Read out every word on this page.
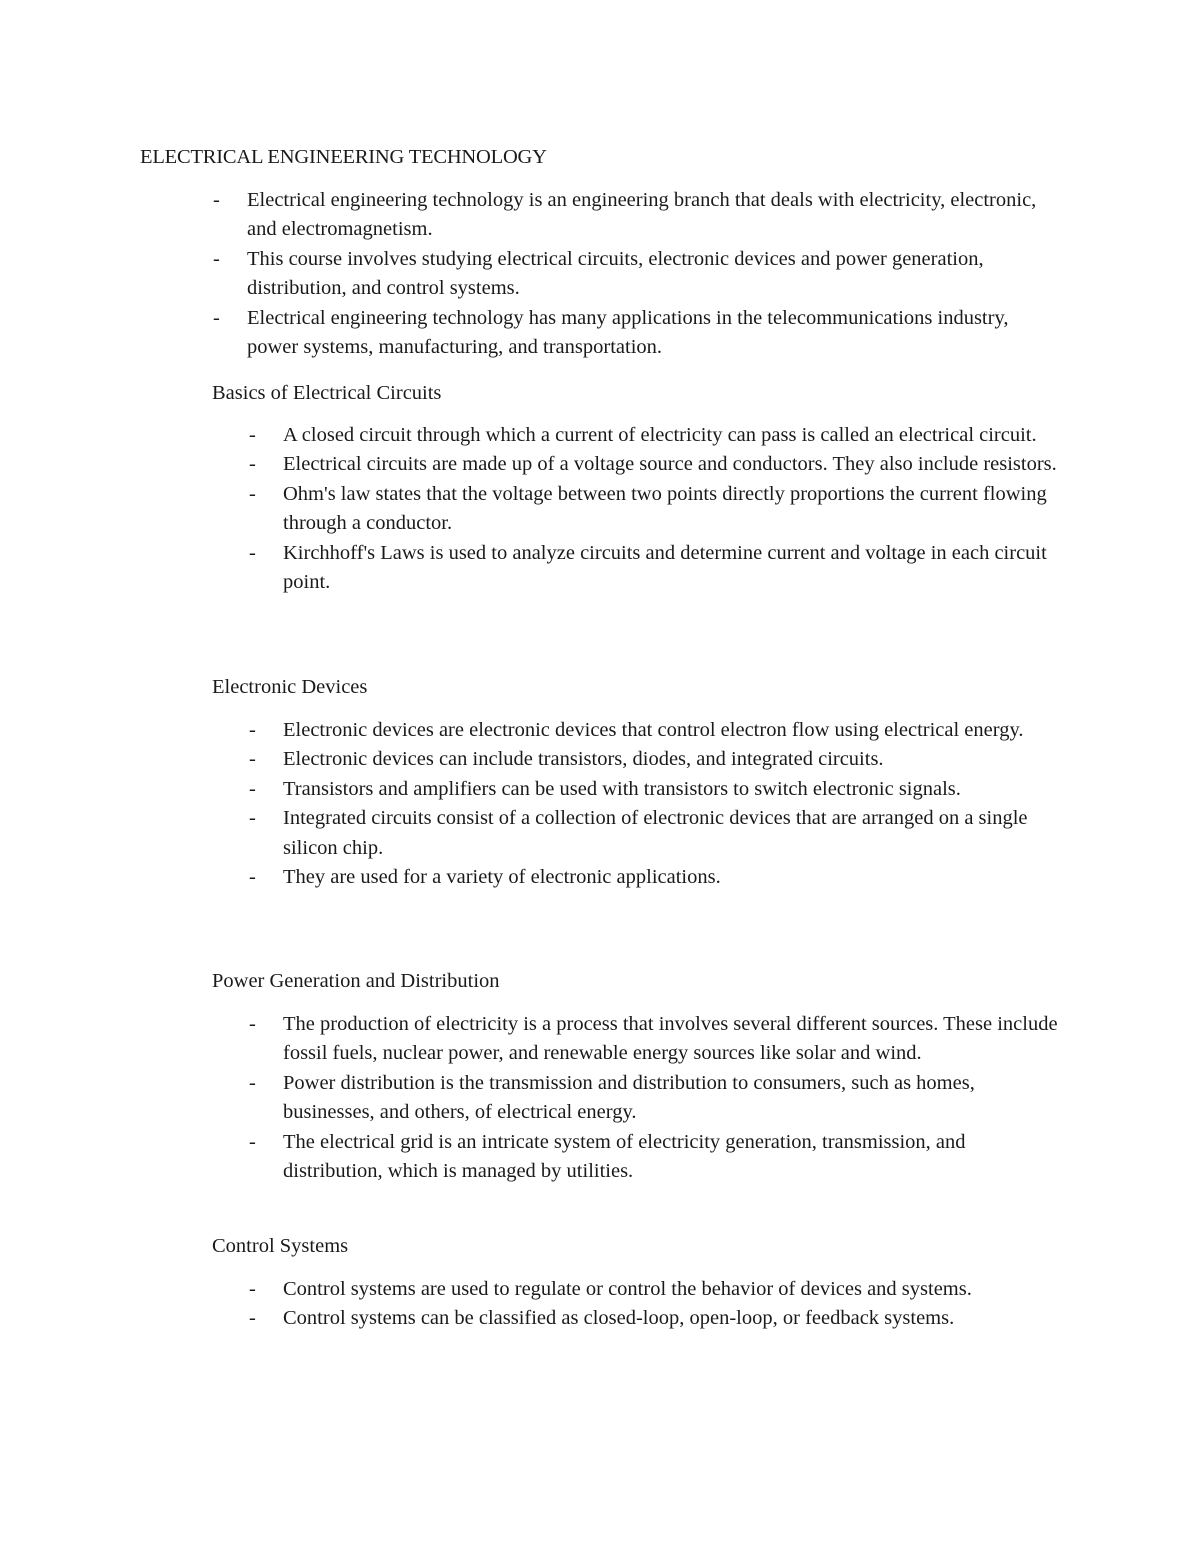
ELECTRICAL ENGINEERING TECHNOLOGY
- Electrical engineering technology is an engineering branch that deals with electricity, electronic, and electromagnetism.
- This course involves studying electrical circuits, electronic devices and power generation, distribution, and control systems.
- Electrical engineering technology has many applications in the telecommunications industry, power systems, manufacturing, and transportation.
Basics of Electrical Circuits
- A closed circuit through which a current of electricity can pass is called an electrical circuit.
- Electrical circuits are made up of a voltage source and conductors. They also include resistors.
- Ohm's law states that the voltage between two points directly proportions the current flowing through a conductor.
- Kirchhoff's Laws is used to analyze circuits and determine current and voltage in each circuit point.
Electronic Devices
- Electronic devices are electronic devices that control electron flow using electrical energy.
- Electronic devices can include transistors, diodes, and integrated circuits.
- Transistors and amplifiers can be used with transistors to switch electronic signals.
- Integrated circuits consist of a collection of electronic devices that are arranged on a single silicon chip.
- They are used for a variety of electronic applications.
Power Generation and Distribution
- The production of electricity is a process that involves several different sources. These include fossil fuels, nuclear power, and renewable energy sources like solar and wind.
- Power distribution is the transmission and distribution to consumers, such as homes, businesses, and others, of electrical energy.
- The electrical grid is an intricate system of electricity generation, transmission, and distribution, which is managed by utilities.
Control Systems
- Control systems are used to regulate or control the behavior of devices and systems.
- Control systems can be classified as closed-loop, open-loop, or feedback systems.
